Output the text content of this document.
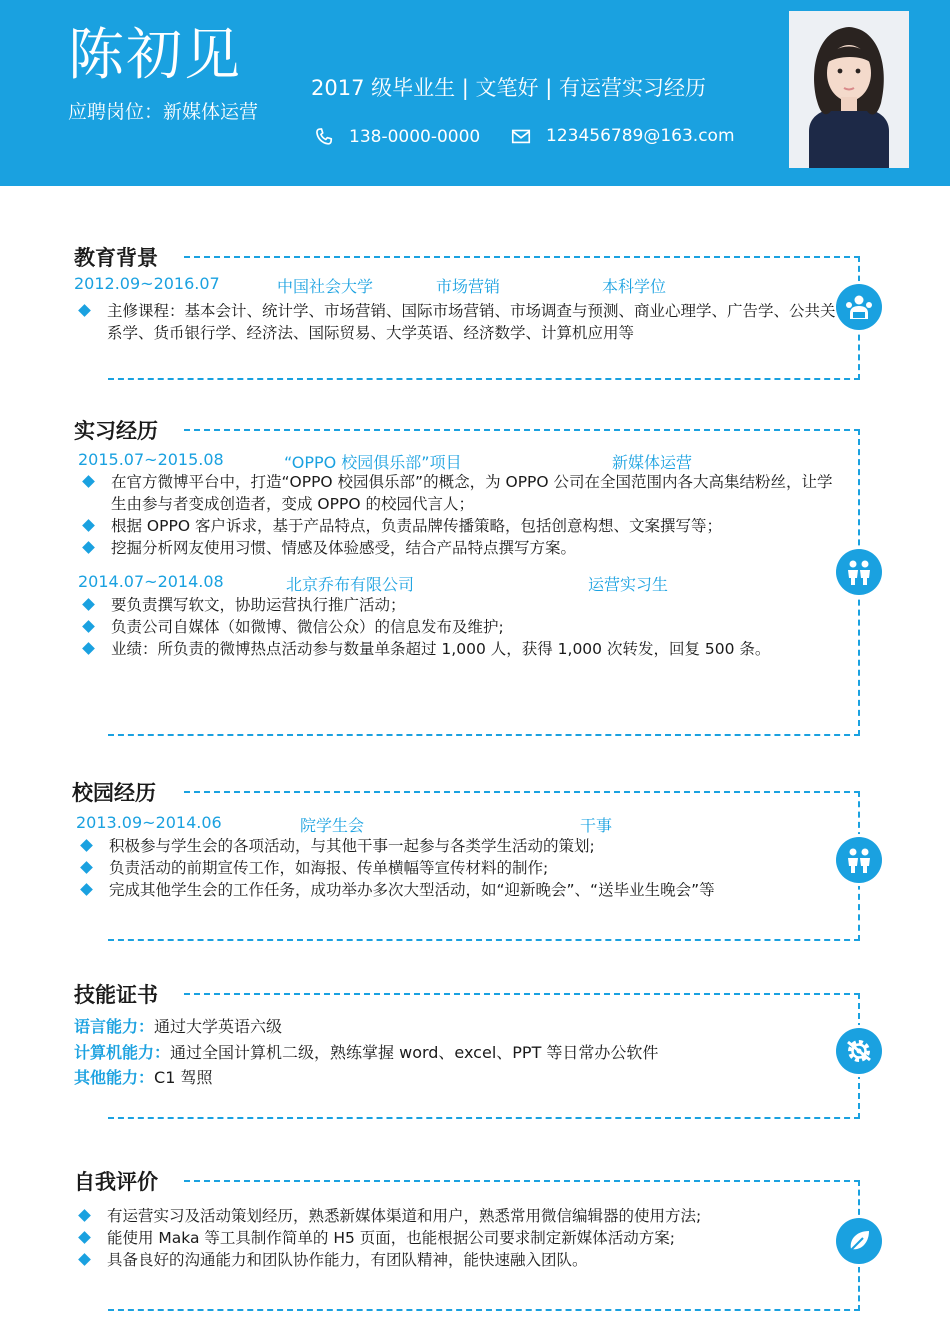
陈初见
应聘岗位：新媒体运营
2017 级毕业生 | 文笔好 | 有运营实习经历
138-0000-0000	123456789@163.com
教育背景
2012.09~2016.07	中国社会大学	市场营销	本科学位
主修课程：基本会计、统计学、市场营销、国际市场营销、市场调查与预测、商业心理学、广告学、公共关系学、货币银行学、经济法、国际贸易、大学英语、经济数学、计算机应用等
实习经历
2015.07~2015.08	“OPPO 校园俱乐部”项目	新媒体运营
在官方微博平台中，打造“OPPO 校园俱乐部”的概念，为 OPPO 公司在全国范围内各大高集结粉丝，让学生由参与者变成创造者，变成 OPPO 的校园代言人；
根据 OPPO 客户诉求，基于产品特点，负责品牌传播策略，包括创意构想、文案撰写等；
挖掘分析网友使用习惯、情感及体验感受，结合产品特点撰写方案。
2014.07~2014.08	北京乔布有限公司	运营实习生
要负责撰写软文，协助运营执行推广活动；
负责公司自媒体（如微博、微信公众）的信息发布及维护;
业绩：所负责的微博热点活动参与数量单条超过 1,000 人，获得 1,000 次转发，回复 500 条。
校园经历
2013.09~2014.06	院学生会	干事
积极参与学生会的各项活动，与其他干事一起参与各类学生活动的策划;
负责活动的前期宣传工作，如海报、传单横幅等宣传材料的制作;
完成其他学生会的工作任务，成功举办多次大型活动，如“迎新晚会”、“送毕业生晚会”等
技能证书
语言能力：通过大学英语六级
计算机能力：通过全国计算机二级，熟练掌握 word、excel、PPT 等日常办公软件
其他能力：C1 驾照
自我评价
有运营实习及活动策划经历，熟悉新媒体渠道和用户，熟悉常用微信编辑器的使用方法;
能使用 Maka 等工具制作简单的 H5 页面，也能根据公司要求制定新媒体活动方案;
具备良好的沟通能力和团队协作能力，有团队精神，能快速融入团队。
